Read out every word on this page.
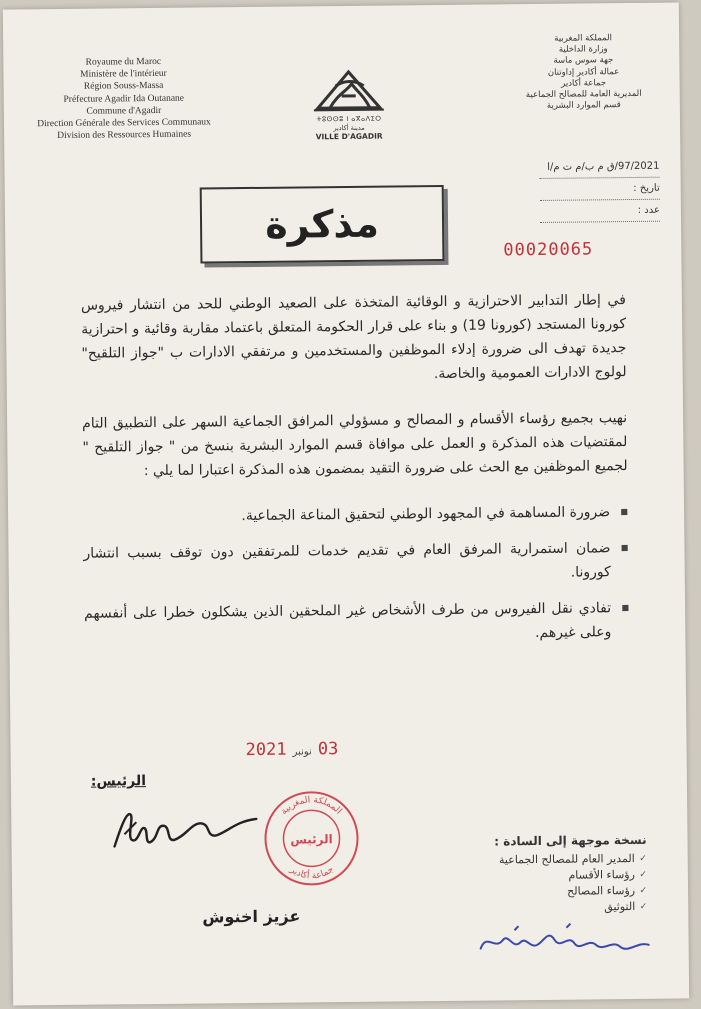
Royaume du Maroc
Ministère de l'intérieur
Région Souss-Massa
Préfecture Agadir Ida Outanane
Commune d'Agadir
Direction Générale des Services Communaux
Division des Ressources Humaines
ⵜⵓⵙⵙⵓ ⵏ ⴰⴳⴰⴷⵉⵔ
مدينة أكادير
VILLE D'AGADIR
المملكة المغربية
وزارة الداخلية
جهة سوس ماسة
عمالة أكادير إداوتنان
جماعة أكادير
المديرية العامة للمصالح الجماعية
قسم الموارد البشرية
97/2021/ق م ب/م ت م/ا
تاريخ :
عدد :
مذكرة
00020065

في إطار التدابير الاحترازية و الوقائية المتخذة على الصعيد الوطني للحد من انتشار فيروس كورونا المستجد (كورونا 19) و بناء على قرار الحكومة المتعلق باعتماد مقاربة وقائية و احترازية جديدة تهدف الى ضرورة إدلاء الموظفين والمستخدمين و مرتفقي الادارات ب "جواز التلقيح" لولوج الادارات العمومية والخاصة.

نهيب بجميع رؤساء الأقسام و المصالح و مسؤولي المرافق الجماعية السهر على التطبيق التام لمقتضيات هذه المذكرة و العمل على موافاة قسم الموارد البشرية بنسخ من " جواز التلقيح " لجميع الموظفين مع الحث على ضرورة التقيد بمضمون هذه المذكرة اعتبارا لما يلي :

■ ضرورة المساهمة في المجهود الوطني لتحقيق المناعة الجماعية.
■ ضمان استمرارية المرفق العام في تقديم خدمات للمرتفقين دون توقف بسبب انتشار كورونا.
■ تفادي نقل الفيروس من طرف الأشخاص غير الملحقين الذين يشكلون خطرا على أنفسهم وعلى غيرهم.
2021 نونبر 03
الرئيس:
المملكة المغربية
جماعة أكادير
الرئيس
عزيز اخنوش
نسخة موجهة إلى السادة :
✓ المدير العام للمصالح الجماعية
✓ رؤساء الأقسام
✓ رؤساء المصالح
✓ التوثيق
